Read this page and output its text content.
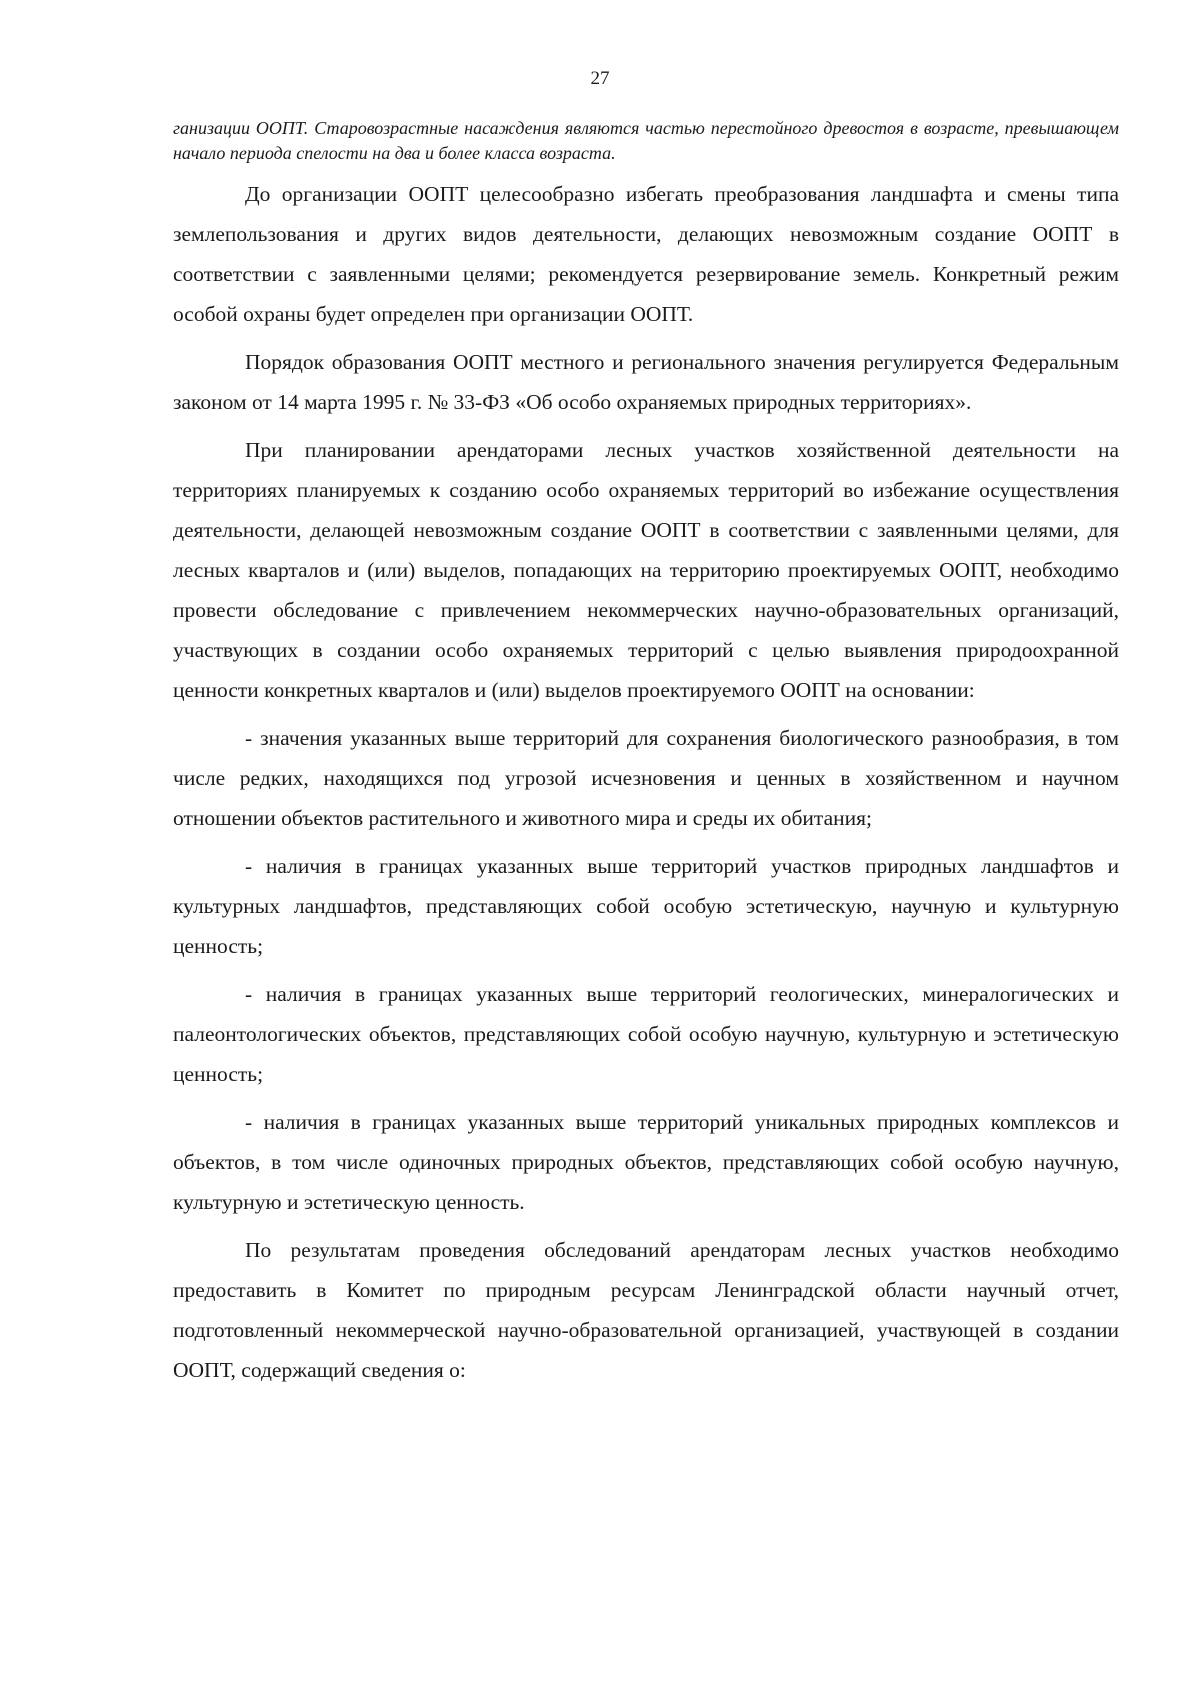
27

ганизации ООПТ. Старовозрастные насаждения являются частью перестойного древостоя в возрасте, превышающем начало периода спелости на два и более класса возраста.

До организации ООПТ целесообразно избегать преобразования ландшафта и смены типа землепользования и других видов деятельности, делающих невозможным создание ООПТ в соответствии с заявленными целями; рекомендуется резервирование земель. Конкретный режим особой охраны будет определен при организации ООПТ.

Порядок образования ООПТ местного и регионального значения регулируется Федеральным законом от 14 марта 1995 г. № 33-ФЗ «Об особо охраняемых природных территориях».

При планировании арендаторами лесных участков хозяйственной деятельности на территориях планируемых к созданию особо охраняемых территорий во избежание осуществления деятельности, делающей невозможным создание ООПТ в соответствии с заявленными целями, для лесных кварталов и (или) выделов, попадающих на территорию проектируемых ООПТ, необходимо провести обследование с привлечением некоммерческих научно-образовательных организаций, участвующих в создании особо охраняемых территорий с целью выявления природоохранной ценности конкретных кварталов и (или) выделов проектируемого ООПТ на основании:

- значения указанных выше территорий для сохранения биологического разнообразия, в том числе редких, находящихся под угрозой исчезновения и ценных в хозяйственном и научном отношении объектов растительного и животного мира и среды их обитания;

- наличия в границах указанных выше территорий участков природных ландшафтов и культурных ландшафтов, представляющих собой особую эстетическую, научную и культурную ценность;

- наличия в границах указанных выше территорий геологических, минералогических и палеонтологических объектов, представляющих собой особую научную, культурную и эстетическую ценность;

- наличия в границах указанных выше территорий уникальных природных комплексов и объектов, в том числе одиночных природных объектов, представляющих собой особую научную, культурную и эстетическую ценность.

По результатам проведения обследований арендаторам лесных участков необходимо предоставить в Комитет по природным ресурсам Ленинградской области научный отчет, подготовленный некоммерческой научно-образовательной организацией, участвующей в создании ООПТ, содержащий сведения о:
